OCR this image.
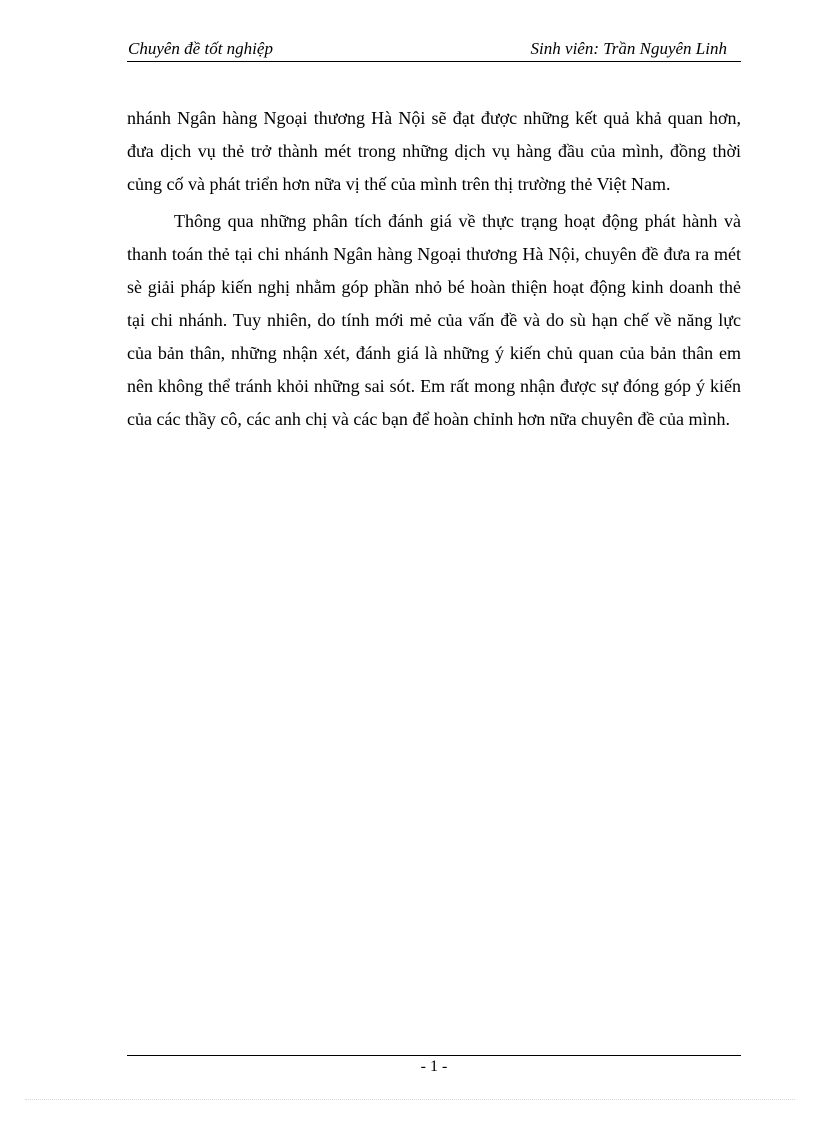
Chuyên đề tốt nghiệp	Sinh viên: Trần Nguyên Linh

nhánh Ngân hàng Ngoại thương Hà Nội sẽ đạt được những kết quả khả quan hơn, đưa dịch vụ thẻ trở thành mét trong những dịch vụ hàng đầu của mình, đồng thời củng cố và phát triển hơn nữa vị thế của mình trên thị trường thẻ Việt Nam.

Thông qua những phân tích đánh giá về thực trạng hoạt động phát hành và thanh toán thẻ tại chi nhánh Ngân hàng Ngoại thương Hà Nội, chuyên đề đưa ra mét sè giải pháp kiến nghị nhằm góp phần nhỏ bé hoàn thiện hoạt động kinh doanh thẻ tại chi nhánh. Tuy nhiên, do tính mới mẻ của vấn đề và do sù hạn chế về năng lực của bản thân, những nhận xét, đánh giá là những ý kiến chủ quan của bản thân em nên không thể tránh khỏi những sai sót. Em rất mong nhận được sự đóng góp ý kiến của các thầy cô, các anh chị và các bạn để hoàn chỉnh hơn nữa chuyên đề của mình.

- 1 -
